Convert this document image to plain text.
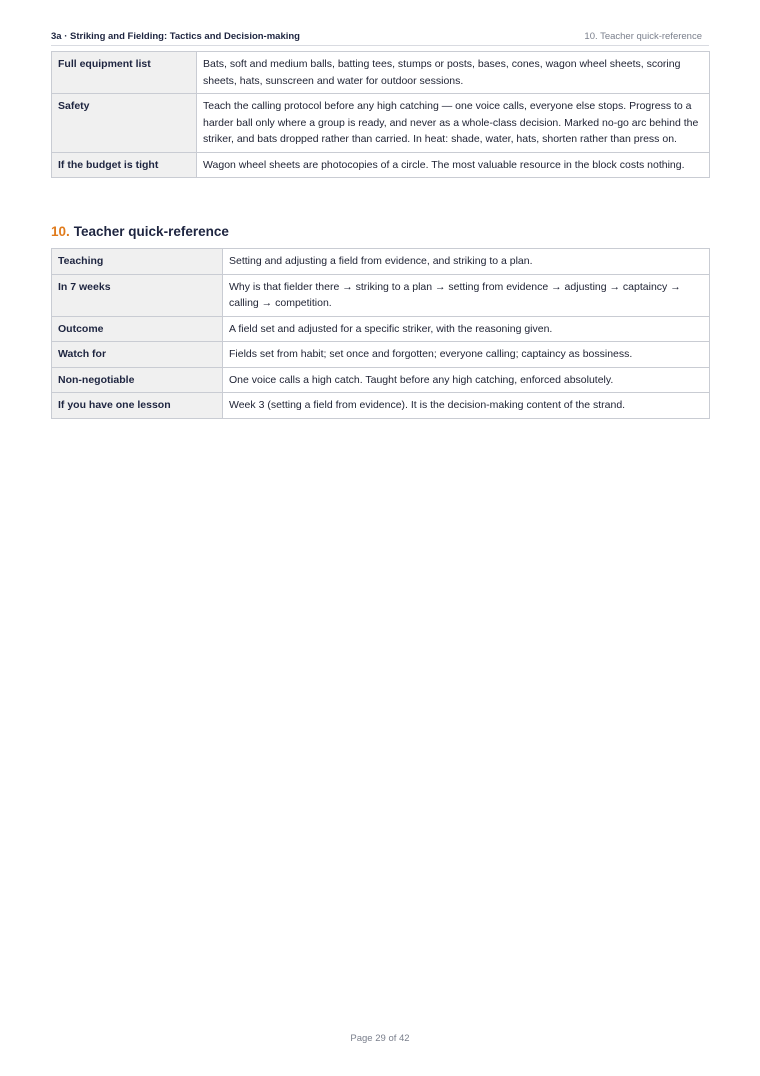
3a · Striking and Fielding: Tactics and Decision-making	10. Teacher quick-reference
Full equipment list	Bats, soft and medium balls, batting tees, stumps or posts, bases, cones, wagon wheel sheets, scoring sheets, hats, sunscreen and water for outdoor sessions.
Safety	Teach the calling protocol before any high catching — one voice calls, everyone else stops. Progress to a harder ball only where a group is ready, and never as a whole-class decision. Marked no-go arc behind the striker, and bats dropped rather than carried. In heat: shade, water, hats, shorten rather than press on.
If the budget is tight	Wagon wheel sheets are photocopies of a circle. The most valuable resource in the block costs nothing.
10. Teacher quick-reference
Teaching	Setting and adjusting a field from evidence, and striking to a plan.
In 7 weeks	Why is that fielder there → striking to a plan → setting from evidence → adjusting → captaincy → calling → competition.
Outcome	A field set and adjusted for a specific striker, with the reasoning given.
Watch for	Fields set from habit; set once and forgotten; everyone calling; captaincy as bossiness.
Non-negotiable	One voice calls a high catch. Taught before any high catching, enforced absolutely.
If you have one lesson	Week 3 (setting a field from evidence). It is the decision-making content of the strand.
Page 29 of 42
